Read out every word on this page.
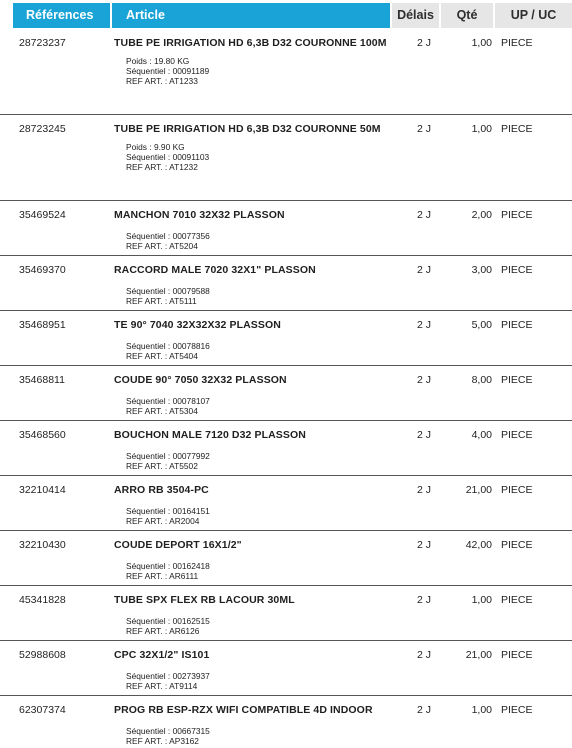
Références	Article	Délais	Qté	UP / UC
28723237	TUBE PE IRRIGATION HD 6,3B D32 COURONNE 100M	2 J	1,00 PIECE
Poids : 19.80 KG
Séquentiel : 00091189
REF ART. : AT1233
28723245	TUBE PE IRRIGATION HD 6,3B D32 COURONNE 50M	2 J	1,00 PIECE
Poids : 9.90 KG
Séquentiel : 00091103
REF ART. : AT1232
35469524	MANCHON 7010 32X32 PLASSON	2 J	2,00 PIECE
Séquentiel : 00077356
REF ART. : AT5204
35469370	RACCORD MALE 7020 32X1" PLASSON	2 J	3,00 PIECE
Séquentiel : 00079588
REF ART. : AT5111
35468951	TE 90° 7040 32X32X32 PLASSON	2 J	5,00 PIECE
Séquentiel : 00078816
REF ART. : AT5404
35468811	COUDE 90° 7050 32X32 PLASSON	2 J	8,00 PIECE
Séquentiel : 00078107
REF ART. : AT5304
35468560	BOUCHON MALE 7120 D32 PLASSON	2 J	4,00 PIECE
Séquentiel : 00077992
REF ART. : AT5502
32210414	ARRO RB 3504-PC	2 J	21,00 PIECE
Séquentiel : 00164151
REF ART. : AR2004
32210430	COUDE DEPORT 16X1/2"	2 J	42,00 PIECE
Séquentiel : 00162418
REF ART. : AR6111
45341828	TUBE SPX FLEX RB LACOUR 30ML	2 J	1,00 PIECE
Séquentiel : 00162515
REF ART. : AR6126
52988608	CPC 32X1/2" IS101	2 J	21,00 PIECE
Séquentiel : 00273937
REF ART. : AT9114
62307374	PROG RB ESP-RZX WIFI COMPATIBLE 4D INDOOR	2 J	1,00 PIECE
Séquentiel : 00667315
REF ART. : AP3162
